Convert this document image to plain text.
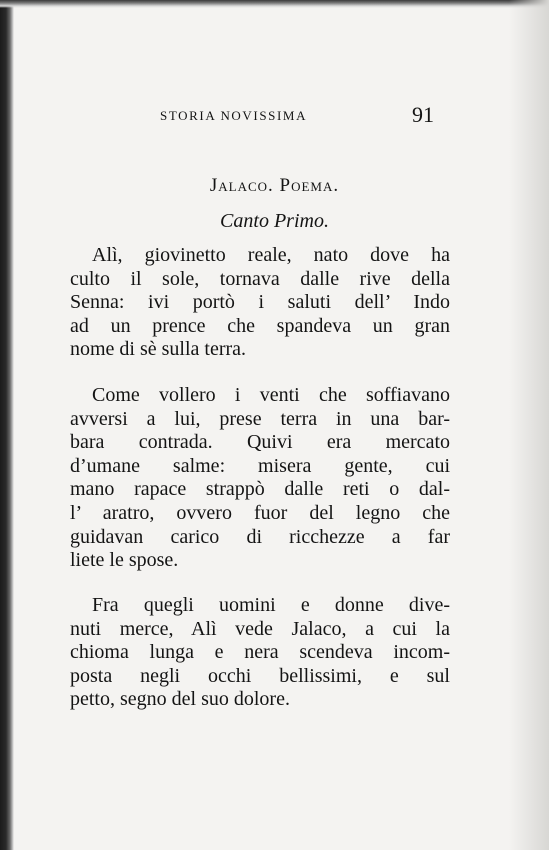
STORIA NOVISSIMA	91
Jalaco. Poema.
Canto Primo.

Alì, giovinetto reale, nato dove ha
culto il sole, tornava dalle rive della
Senna: ivi portò i saluti dell’ Indo
ad un prence che spandeva un gran
nome di sè sulla terra.

Come vollero i venti che soffiavano
avversi a lui, prese terra in una bar-
bara contrada. Quivi era mercato
d’umane salme: misera gente, cui
mano rapace strappò dalle reti o dal-
l’ aratro, ovvero fuor del legno che
guidavan carico di ricchezze a far
liete le spose.

Fra quegli uomini e donne dive-
nuti merce, Alì vede Jalaco, a cui la
chioma lunga e nera scendeva incom-
posta negli occhi bellissimi, e sul
petto, segno del suo dolore.
